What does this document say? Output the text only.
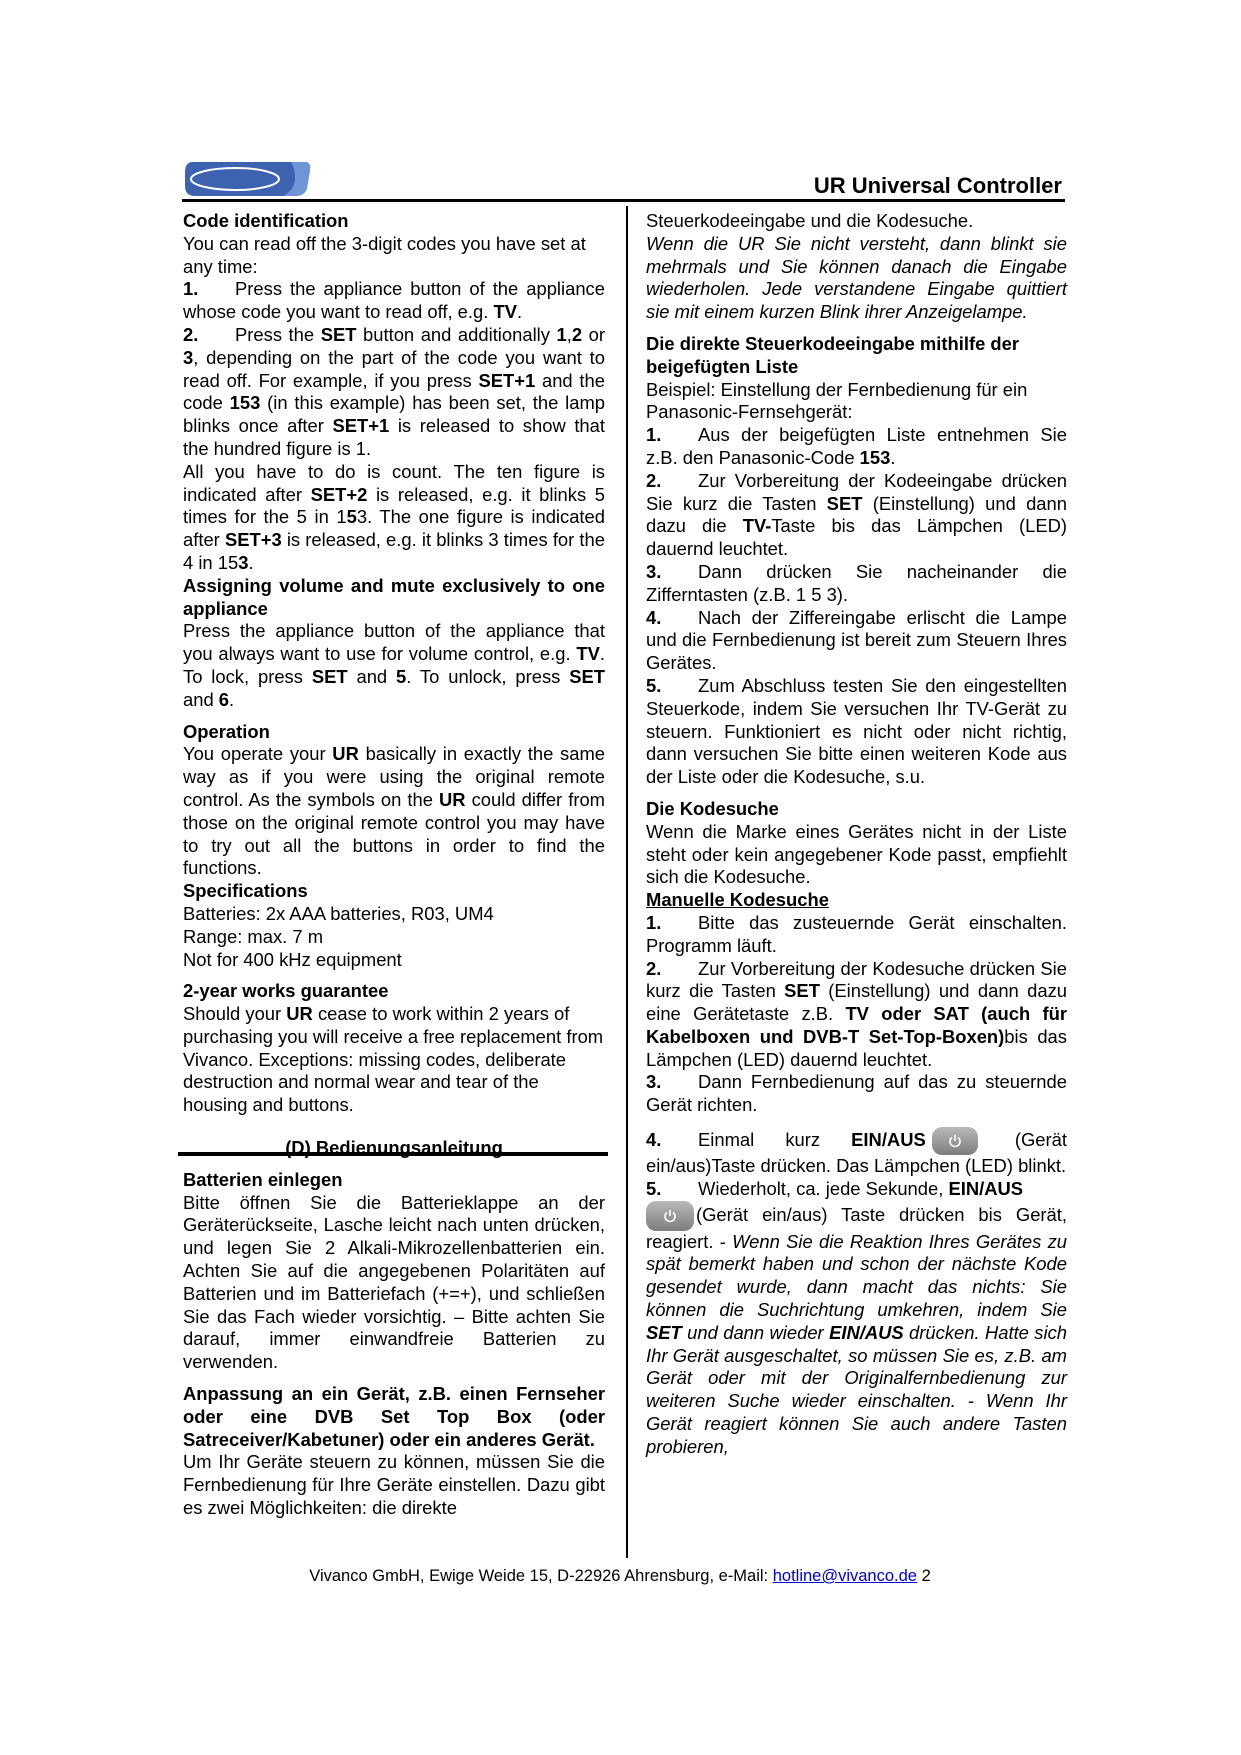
UR Universal Controller

Code identification

You can read off the 3-digit codes you have set at any time:

1. Press the appliance button of the appliance whose code you want to read off, e.g. TV.

2. Press the SET button and additionally 1,2 or 3, depending on the part of the code you want to read off. For example, if you press SET+1 and the code 153 (in this example) has been set, the lamp blinks once after SET+1 is released to show that the hundred figure is 1.

All you have to do is count. The ten figure is indicated after SET+2 is released, e.g. it blinks 5 times for the 5 in 153. The one figure is indicated after SET+3 is released, e.g. it blinks 3 times for the 4 in 153.

Assigning volume and mute exclusively to one appliance

Press the appliance button of the appliance that you always want to use for volume control, e.g. TV. To lock, press SET and 5. To unlock, press SET and 6.

Operation

You operate your UR basically in exactly the same way as if you were using the original remote control. As the symbols on the UR could differ from those on the original remote control you may have to try out all the buttons in order to find the functions.

Specifications

Batteries: 2x AAA batteries, R03, UM4

Range: max. 7 m

Not for 400 kHz equipment

2-year works guarantee

Should your UR cease to work within 2 years of purchasing you will receive a free replacement from Vivanco. Exceptions: missing codes, deliberate destruction and normal wear and tear of the housing and buttons.

(D) Bedienungsanleitung

Batterien einlegen

Bitte öffnen Sie die Batterieklappe an der Geräterückseite, Lasche leicht nach unten drücken, und legen Sie 2 Alkali-Mikrozellenbatterien ein. Achten Sie auf die angegebenen Polaritäten auf Batterien und im Batteriefach (+=+), und schließen Sie das Fach wieder vorsichtig. – Bitte achten Sie darauf, immer einwandfreie Batterien zu verwenden.

Anpassung an ein Gerät, z.B. einen Fernseher oder eine DVB Set Top Box (oder Satreceiver/Kabetuner) oder ein anderes Gerät.

Um Ihr Geräte steuern zu können, müssen Sie die Fernbedienung für Ihre Geräte einstellen. Dazu gibt es zwei Möglichkeiten: die direkte

Steuerkodeeingabe und die Kodesuche.

Wenn die UR Sie nicht versteht, dann blinkt sie mehrmals und Sie können danach die Eingabe wiederholen. Jede verstandene Eingabe quittiert sie mit einem kurzen Blink ihrer Anzeigelampe.

Die direkte Steuerkodeeingabe mithilfe der beigefügten Liste

Beispiel: Einstellung der Fernbedienung für ein Panasonic-Fernsehgerät:

1. Aus der beigefügten Liste entnehmen Sie z.B. den Panasonic-Code 153.

2. Zur Vorbereitung der Kodeeingabe drücken Sie kurz die Tasten SET (Einstellung) und dann dazu die TV-Taste bis das Lämpchen (LED) dauernd leuchtet.

3. Dann drücken Sie nacheinander die Zifferntasten (z.B. 1 5 3).

4. Nach der Ziffereingabe erlischt die Lampe und die Fernbedienung ist bereit zum Steuern Ihres Gerätes.

5. Zum Abschluss testen Sie den eingestellten Steuerkode, indem Sie versuchen Ihr TV-Gerät zu steuern. Funktioniert es nicht oder nicht richtig, dann versuchen Sie bitte einen weiteren Kode aus der Liste oder die Kodesuche, s.u.

Die Kodesuche

Wenn die Marke eines Gerätes nicht in der Liste steht oder kein angegebener Kode passt, empfiehlt sich die Kodesuche.

Manuelle Kodesuche

1. Bitte das zusteuernde Gerät einschalten. Programm läuft.

2. Zur Vorbereitung der Kodesuche drücken Sie kurz die Tasten SET (Einstellung) und dann dazu eine Gerätetaste z.B. TV oder SAT (auch für Kabelboxen und DVB-T Set-Top-Boxen)bis das Lämpchen (LED) dauernd leuchtet.

3. Dann Fernbedienung auf das zu steuernde Gerät richten.

4. Einmal kurz EIN/AUS	(Gerät ein/aus)Taste drücken. Das Lämpchen (LED) blinkt.

5. Wiederholt, ca. jede Sekunde, EIN/AUS

(Gerät ein/aus) Taste drücken bis Gerät, reagiert. - Wenn Sie die Reaktion Ihres Gerätes zu spät bemerkt haben und schon der nächste Kode gesendet wurde, dann macht das nichts: Sie können die Suchrichtung umkehren, indem Sie SET und dann wieder EIN/AUS drücken. Hatte sich Ihr Gerät ausgeschaltet, so müssen Sie es, z.B. am Gerät oder mit der Originalfernbedienung zur weiteren Suche wieder einschalten. - Wenn Ihr Gerät reagiert können Sie auch andere Tasten probieren,

Vivanco GmbH, Ewige Weide 15, D-22926 Ahrensburg, e-Mail: hotline@vivanco.de 2
